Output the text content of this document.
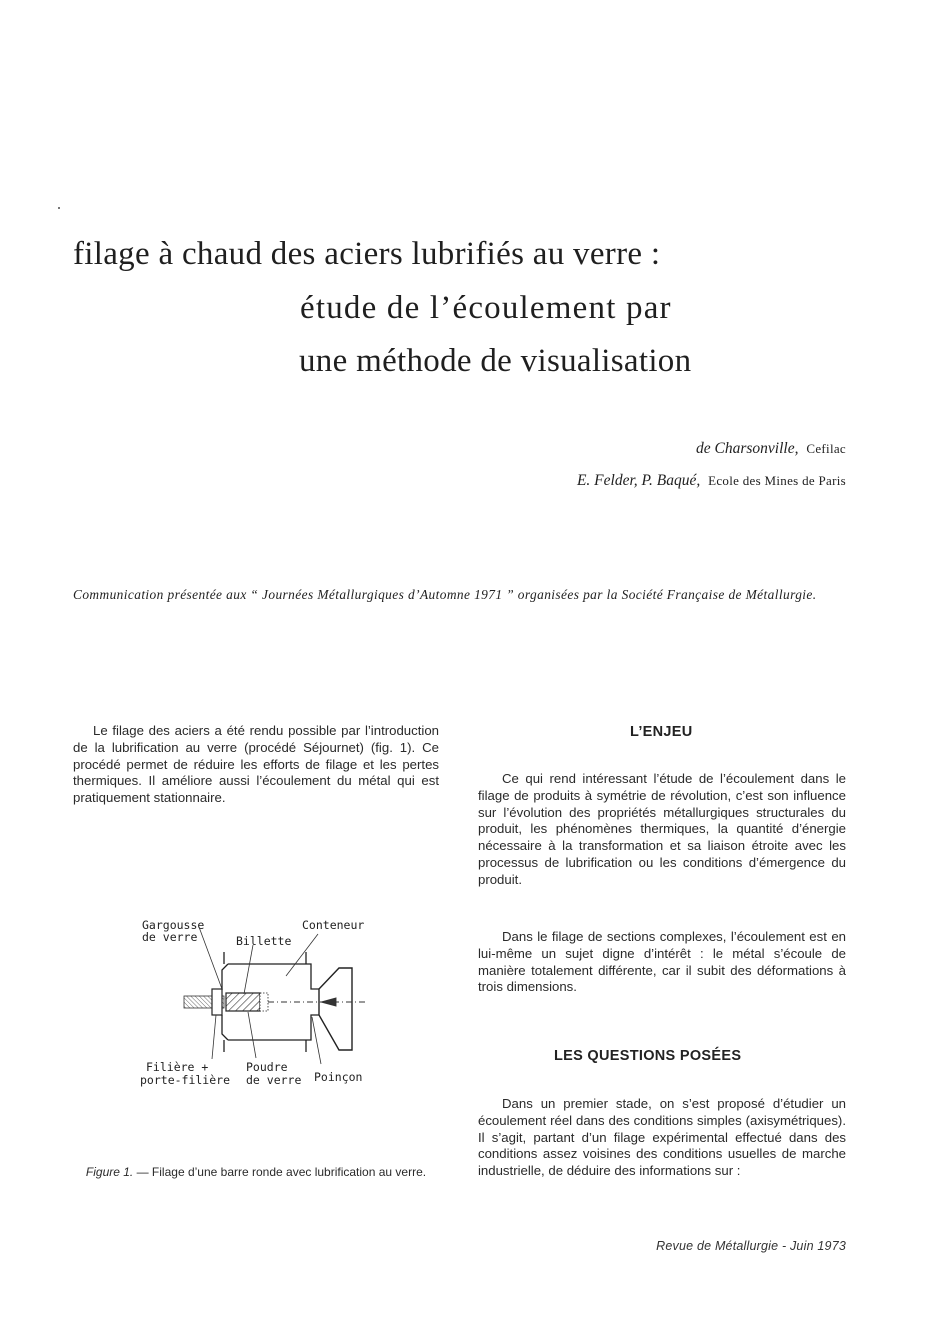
filage à chaud des aciers lubrifiés au verre :
étude de l’écoulement par
une méthode de visualisation
de Charsonville, Cefilac
E. Felder, P. Baqué, Ecole des Mines de Paris
Communication présentée aux “ Journées Métallurgiques d’Automne 1971 ” organisées par la Société Française de Métallurgie.

Le filage des aciers a été rendu possible par l’introduction de la lubrification au verre (procédé Séjournet) (fig. 1). Ce procédé permet de réduire les efforts de filage et les pertes thermiques. Il améliore aussi l’écoulement du métal qui est pratiquement stationnaire.

Gargousse
de verre	Billette
Conteneur
Filière +
porte-filière
Poudre
de verre Poinçon
Figure 1. — Filage d’une barre ronde avec lubrification au verre.
L’ENJEU

Ce qui rend intéressant l’étude de l’écoulement dans le filage de produits à symétrie de révolution, c’est son influence sur l’évolution des propriétés métallurgiques structurales du produit, les phénomènes thermiques, la quantité d’énergie nécessaire à la transformation et sa liaison étroite avec les processus de lubrification ou les conditions d’émergence du produit.

Dans le filage de sections complexes, l’écoulement est en lui-même un sujet digne d’intérêt : le métal s’écoule de manière totalement différente, car il subit des déformations à trois dimensions.

LES QUESTIONS POSÉES

Dans un premier stade, on s’est proposé d’étudier un écoulement réel dans des conditions simples (axisymétriques). Il s’agit, partant d’un filage expérimental effectué dans des conditions assez voisines des conditions usuelles de marche industrielle, de déduire des informations sur :

Revue de Métallurgie - Juin 1973
